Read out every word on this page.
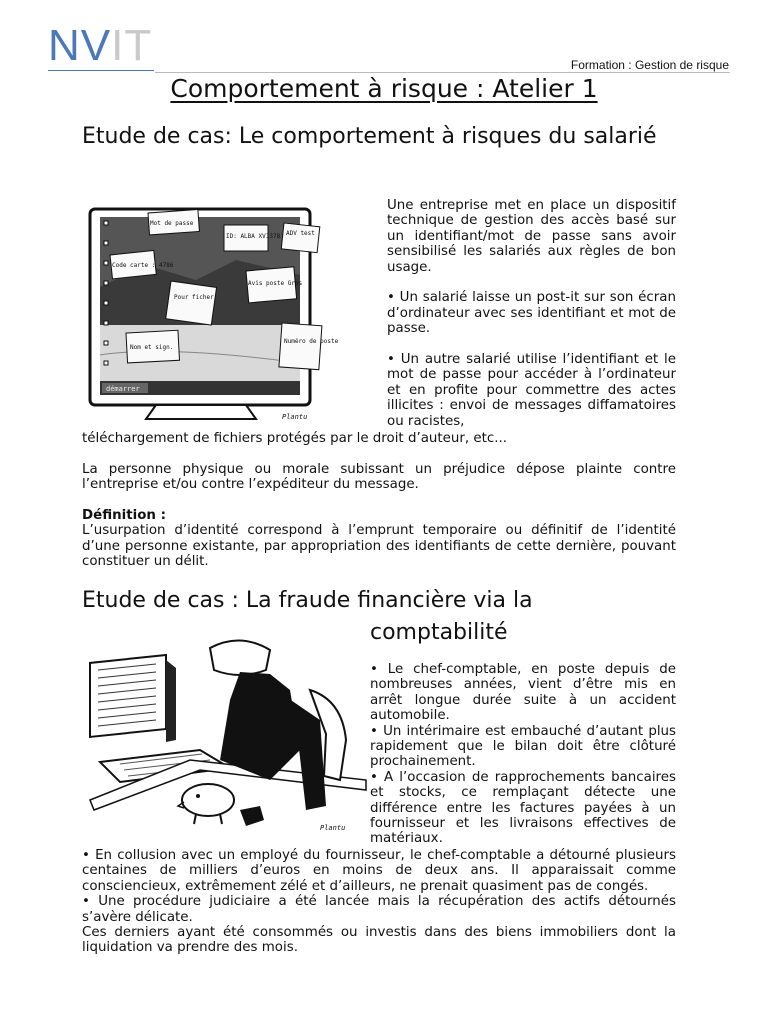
NVIT	Formation : Gestion de risque
Comportement à risque : Atelier 1
Etude de cas: Le comportement à risques du salarié
démarrer
ID: ALBA XV1378
Mot de passe
ADV test
Code carte : 4786
Avis poste Gros
Pour ficher
Nom et sign.
Numéro de poste
Plantu

Une entreprise met en place un dispositif technique de gestion des accès basé sur un identifiant/mot de passe sans avoir sensibilisé les salariés aux règles de bon usage.

• Un salarié laisse un post-it sur son écran d’ordinateur avec ses identifiant et mot de passe.

• Un autre salarié utilise l’identifiant et le mot de passe pour accéder à l’ordinateur et en profite pour commettre des actes illicites : envoi de messages diffamatoires ou racistes,

téléchargement de fichiers protégés par le droit d’auteur, etc...

La personne physique ou morale subissant un préjudice dépose plainte contre l’entreprise et/ou contre l’expéditeur du message.

Définition :

L’usurpation d’identité correspond à l’emprunt temporaire ou définitif de l’identité d’une personne existante, par appropriation des identifiants de cette dernière, pouvant constituer un délit.

Etude de cas : La fraude financière via la
comptabilité
Plantu

• Le chef-comptable, en poste depuis de nombreuses années, vient d’être mis en arrêt longue durée suite à un accident automobile.

• Un intérimaire est embauché d’autant plus rapidement que le bilan doit être clôturé prochainement.

• A l’occasion de rapprochements bancaires et stocks, ce remplaçant détecte une différence entre les factures payées à un fournisseur et les livraisons effectives de matériaux.

• En collusion avec un employé du fournisseur, le chef-comptable a détourné plusieurs centaines de milliers d’euros en moins de deux ans. Il apparaissait comme consciencieux, extrêmement zélé et d’ailleurs, ne prenait quasiment pas de congés.

• Une procédure judiciaire a été lancée mais la récupération des actifs détournés s’avère délicate.

Ces derniers ayant été consommés ou investis dans des biens immobiliers dont la liquidation va prendre des mois.
